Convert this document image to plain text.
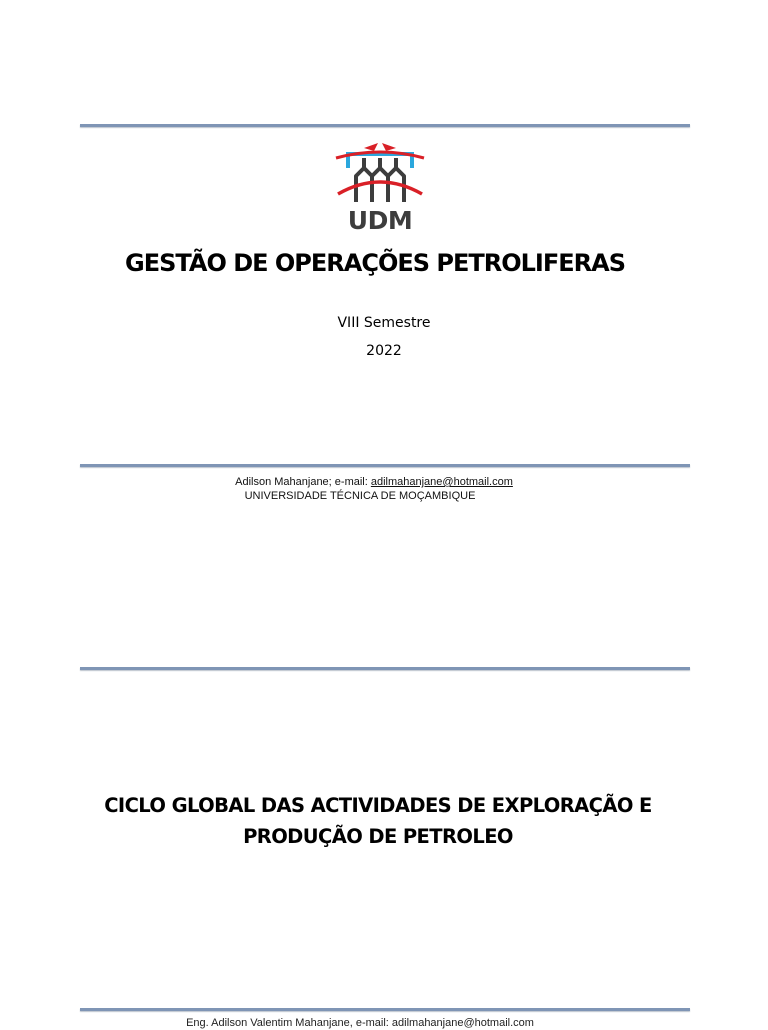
UDM
GESTÃO DE OPERAÇÕES PETROLIFERAS
VIII Semestre
2022
Adilson Mahanjane; e-mail: adilmahanjane@hotmail.com
UNIVERSIDADE TÉCNICA DE MOÇAMBIQUE
CICLO GLOBAL DAS ACTIVIDADES DE EXPLORAÇÃO E
PRODUÇÃO DE PETROLEO
Eng. Adilson Valentim Mahanjane, e-mail: adilmahanjane@hotmail.com
